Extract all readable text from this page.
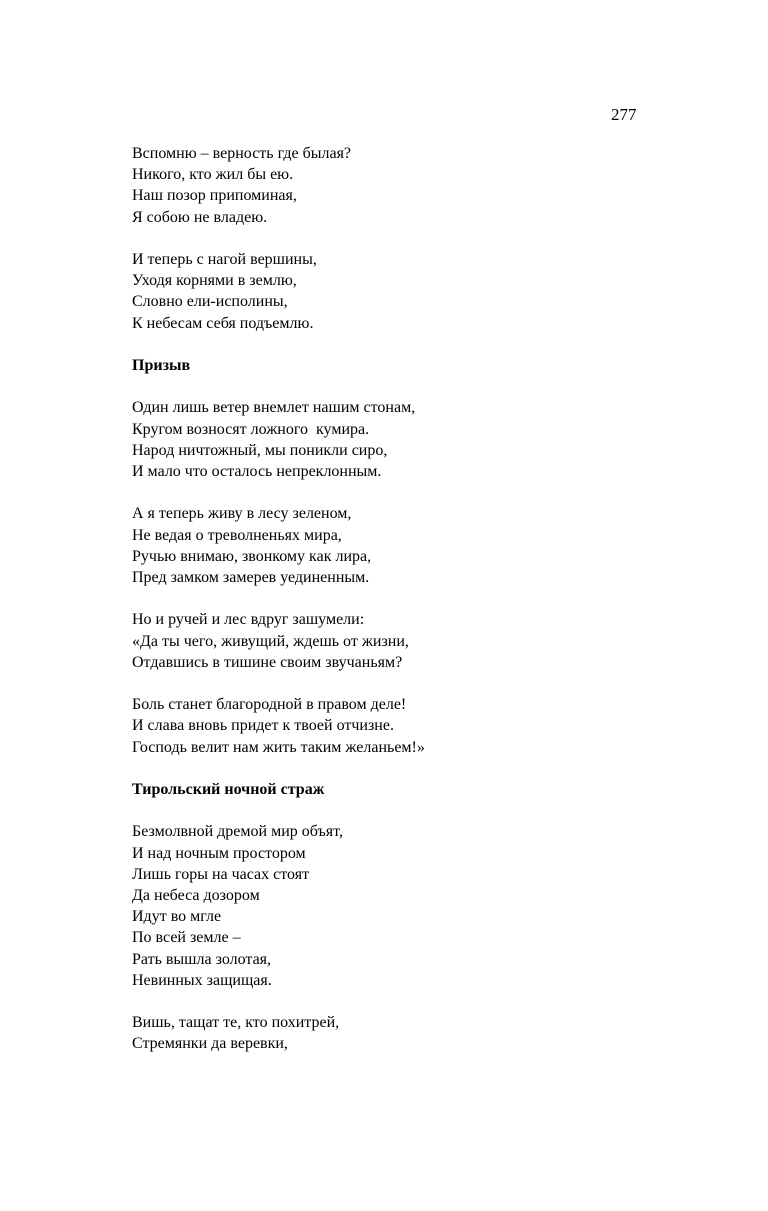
277
Вспомню – верность где былая?
Никого, кто жил бы ею.
Наш позор припоминая,
Я собою не владею.
И теперь с нагой вершины,
Уходя корнями в землю,
Словно ели-исполины,
К небесам себя подъемлю.
Призыв
Один лишь ветер внемлет нашим стонам,
Кругом возносят ложного  кумира.
Народ ничтожный, мы поникли сиро,
И мало что осталось непреклонным.
А я теперь живу в лесу зеленом,
Не ведая о треволненьях мира,
Ручью внимаю, звонкому как лира,
Пред замком замерев уединенным.
Но и ручей и лес вдруг зашумели:
«Да ты чего, живущий, ждешь от жизни,
Отдавшись в тишине своим звучаньям?
Боль станет благородной в правом деле!
И слава вновь придет к твоей отчизне.
Господь велит нам жить таким желаньем!»
Тирольский ночной страж
Безмолвной дремой мир объят,
И над ночным простором
Лишь горы на часах стоят
Да небеса дозором
Идут во мгле
По всей земле –
Рать вышла золотая,
Невинных защищая.
Вишь, тащат те, кто похитрей,
Стремянки да веревки,
